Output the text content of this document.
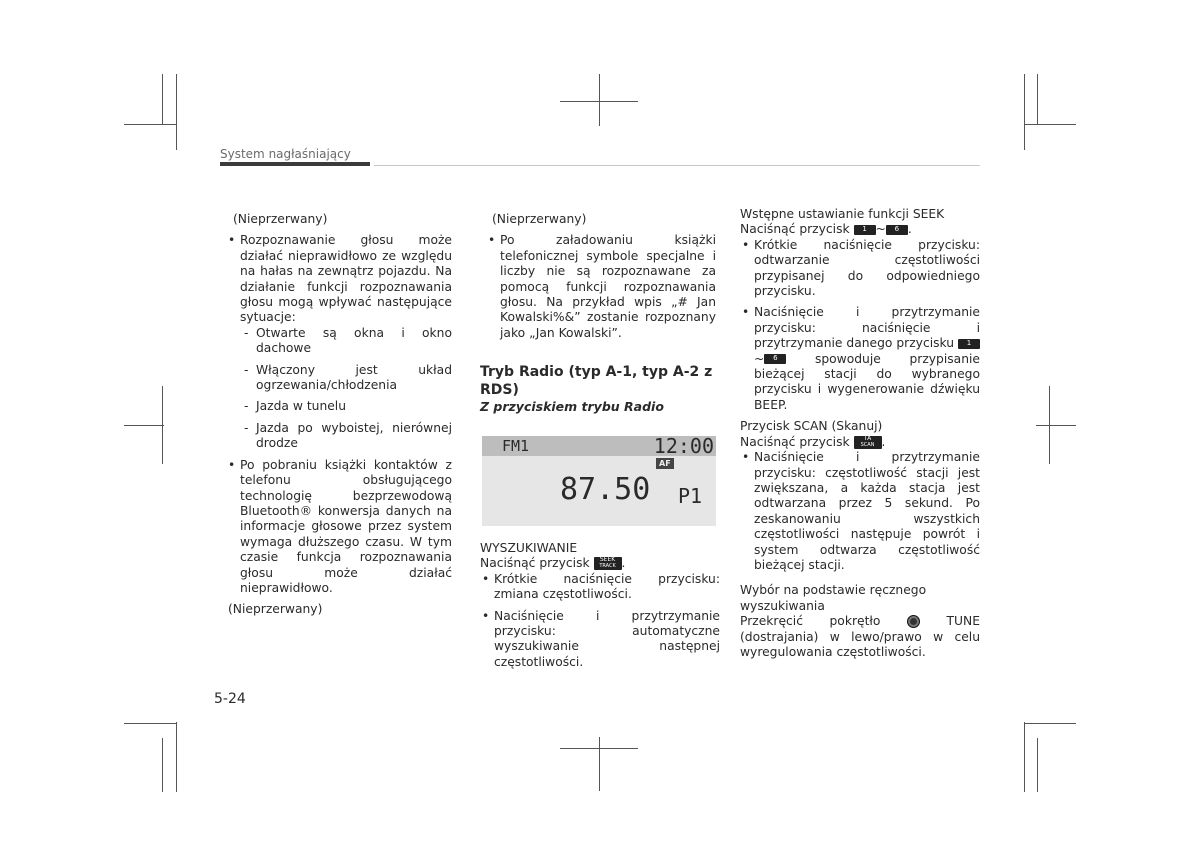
System nagłaśniający

(Nieprzerwany)

• Rozpoznawanie głosu może działać nieprawidłowo ze względu na hałas na zewnątrz pojazdu. Na działanie funkcji rozpoznawania głosu mogą wpływać następujące sytuacje:

- Otwarte są okna i okno dachowe

- Włączony jest układ ogrzewania/chłodzenia

- Jazda w tunelu

- Jazda po wyboistej, nierównej drodze

• Po pobraniu książki kontaktów z telefonu obsługującego technologię bezprzewodową Bluetooth® konwersja danych na informacje głosowe przez system wymaga dłuższego czasu. W tym czasie funkcja rozpoznawania głosu może działać nieprawidłowo.

(Nieprzerwany)

(Nieprzerwany)

• Po załadowaniu książki telefonicznej symbole specjalne i liczby nie są rozpoznawane za pomocą funkcji rozpoznawania głosu. Na przykład wpis „# Jan Kowalski%&” zostanie rozpoznany jako „Jan Kowalski”.

Tryb Radio (typ A-1, typ A-2 z RDS)

Z przyciskiem trybu Radio

FM1	12:00
AF
87.50 P1

WYSZUKIWANIE

Naciśnąć przycisk SEEK
TRACK .

• Krótkie naciśnięcie przycisku: zmiana częstotliwości.

• Naciśnięcie i przytrzymanie przycisku: automatyczne wyszukiwanie następnej częstotliwości.

Wstępne ustawianie funkcji SEEK

Naciśnąć przycisk 1 ~ 6 .

• Krótkie naciśnięcie przycisku: odtwarzanie częstotliwości przypisanej do odpowiedniego przycisku.

• Naciśnięcie i przytrzymanie przycisku: naciśnięcie i przytrzymanie danego przycisku 1~ 6	spowoduje przypisanie bieżącej stacji do wybranego przycisku i wygenerowanie dźwięku BEEP.

Przycisk SCAN (Skanuj)

Naciśnąć przycisk TA
SCAN .

• Naciśnięcie i przytrzymanie przycisku: częstotliwość stacji jest zwiększana, a każda stacja jest odtwarzana przez 5 sekund. Po zeskanowaniu wszystkich częstotliwości następuje powrót i system odtwarza częstotliwość bieżącej stacji.

Wybór na podstawie ręcznego wyszukiwania

Przekręcić pokrętło	TUNE (dostrajania) w lewo/prawo w celu wyregulowania częstotliwości.

5-24
